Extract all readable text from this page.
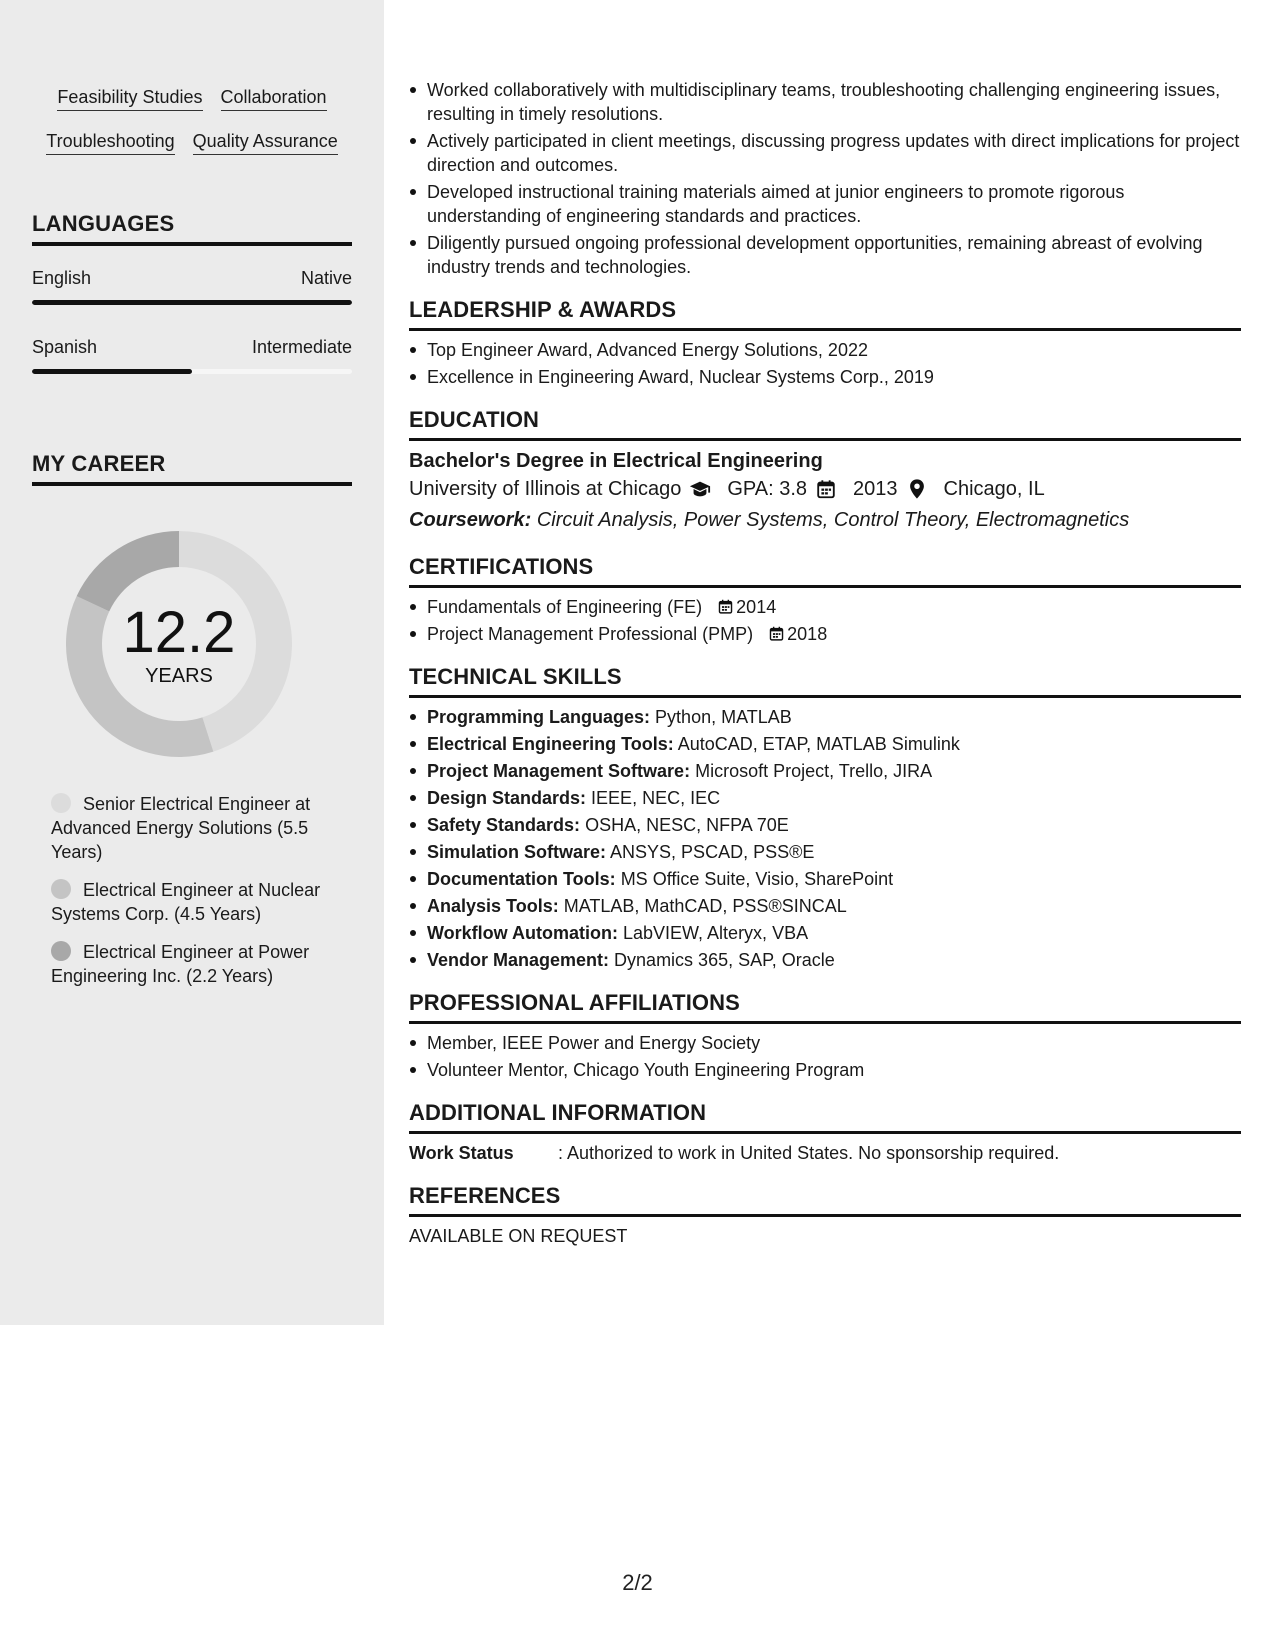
Feasibility Studies Collaboration
Troubleshooting Quality Assurance
LANGUAGES
English	Native
Spanish	Intermediate
MY CAREER
12.2
YEARS
Senior Electrical Engineer at Advanced Energy Solutions (5.5 Years)
Electrical Engineer at Nuclear Systems Corp. (4.5 Years)
Electrical Engineer at Power Engineering Inc. (2.2 Years)
Worked collaboratively with multidisciplinary teams, troubleshooting challenging engineering issues, resulting in timely resolutions.
Actively participated in client meetings, discussing progress updates with direct implications for project direction and outcomes.
Developed instructional training materials aimed at junior engineers to promote rigorous understanding of engineering standards and practices.
Diligently pursued ongoing professional development opportunities, remaining abreast of evolving industry trends and technologies.
LEADERSHIP & AWARDS
Top Engineer Award, Advanced Energy Solutions, 2022
Excellence in Engineering Award, Nuclear Systems Corp., 2019
EDUCATION
Bachelor's Degree in Electrical Engineering
University of Illinois at Chicago GPA: 3.8 2013 Chicago, IL
Coursework: Circuit Analysis, Power Systems, Control Theory, Electromagnetics
CERTIFICATIONS
Fundamentals of Engineering (FE) 2014
Project Management Professional (PMP) 2018
TECHNICAL SKILLS
Programming Languages: Python, MATLAB
Electrical Engineering Tools: AutoCAD, ETAP, MATLAB Simulink
Project Management Software: Microsoft Project, Trello, JIRA
Design Standards: IEEE, NEC, IEC
Safety Standards: OSHA, NESC, NFPA 70E
Simulation Software: ANSYS, PSCAD, PSS®E
Documentation Tools: MS Office Suite, Visio, SharePoint
Analysis Tools: MATLAB, MathCAD, PSS®SINCAL
Workflow Automation: LabVIEW, Alteryx, VBA
Vendor Management: Dynamics 365, SAP, Oracle
PROFESSIONAL AFFILIATIONS
Member, IEEE Power and Energy Society
Volunteer Mentor, Chicago Youth Engineering Program
ADDITIONAL INFORMATION
Work Status	: Authorized to work in United States. No sponsorship required.
REFERENCES
AVAILABLE ON REQUEST
2/2
